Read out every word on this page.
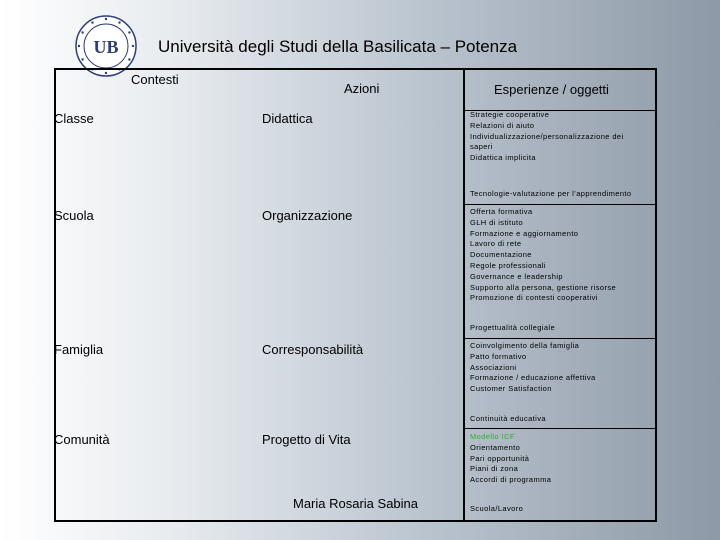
UB Università degli Studi della Basilicata – Potenza
Contesti
Azioni	Esperienze / oggetti
Classe	Didattica	Strategie cooperative
Relazioni di aiuto
Individualizzazione/personalizzazione dei
saperi
Didattica implicita
Tecnologie-valutazione per l’apprendimento
Scuola	Organizzazione	Offerta formativa
GLH di istituto
Formazione e aggiornamento
Lavoro di rete
Documentazione
Regole professionali
Governance e leadership
Supporto alla persona, gestione risorse
Promozione di contesti cooperativi
Progettualità collegiale
Famiglia	Corresponsabilità	Coinvolgimento della famiglia
Patto formativo
Associazioni
Formazione / educazione affettiva
Customer Satisfaction
Continuità educativa
Comunità	Progetto di Vita	Modello ICF
Orientamento
Pari opportunità
Piani di zona
Accordi di programma
Scuola/Lavoro
Maria Rosaria Sabina
